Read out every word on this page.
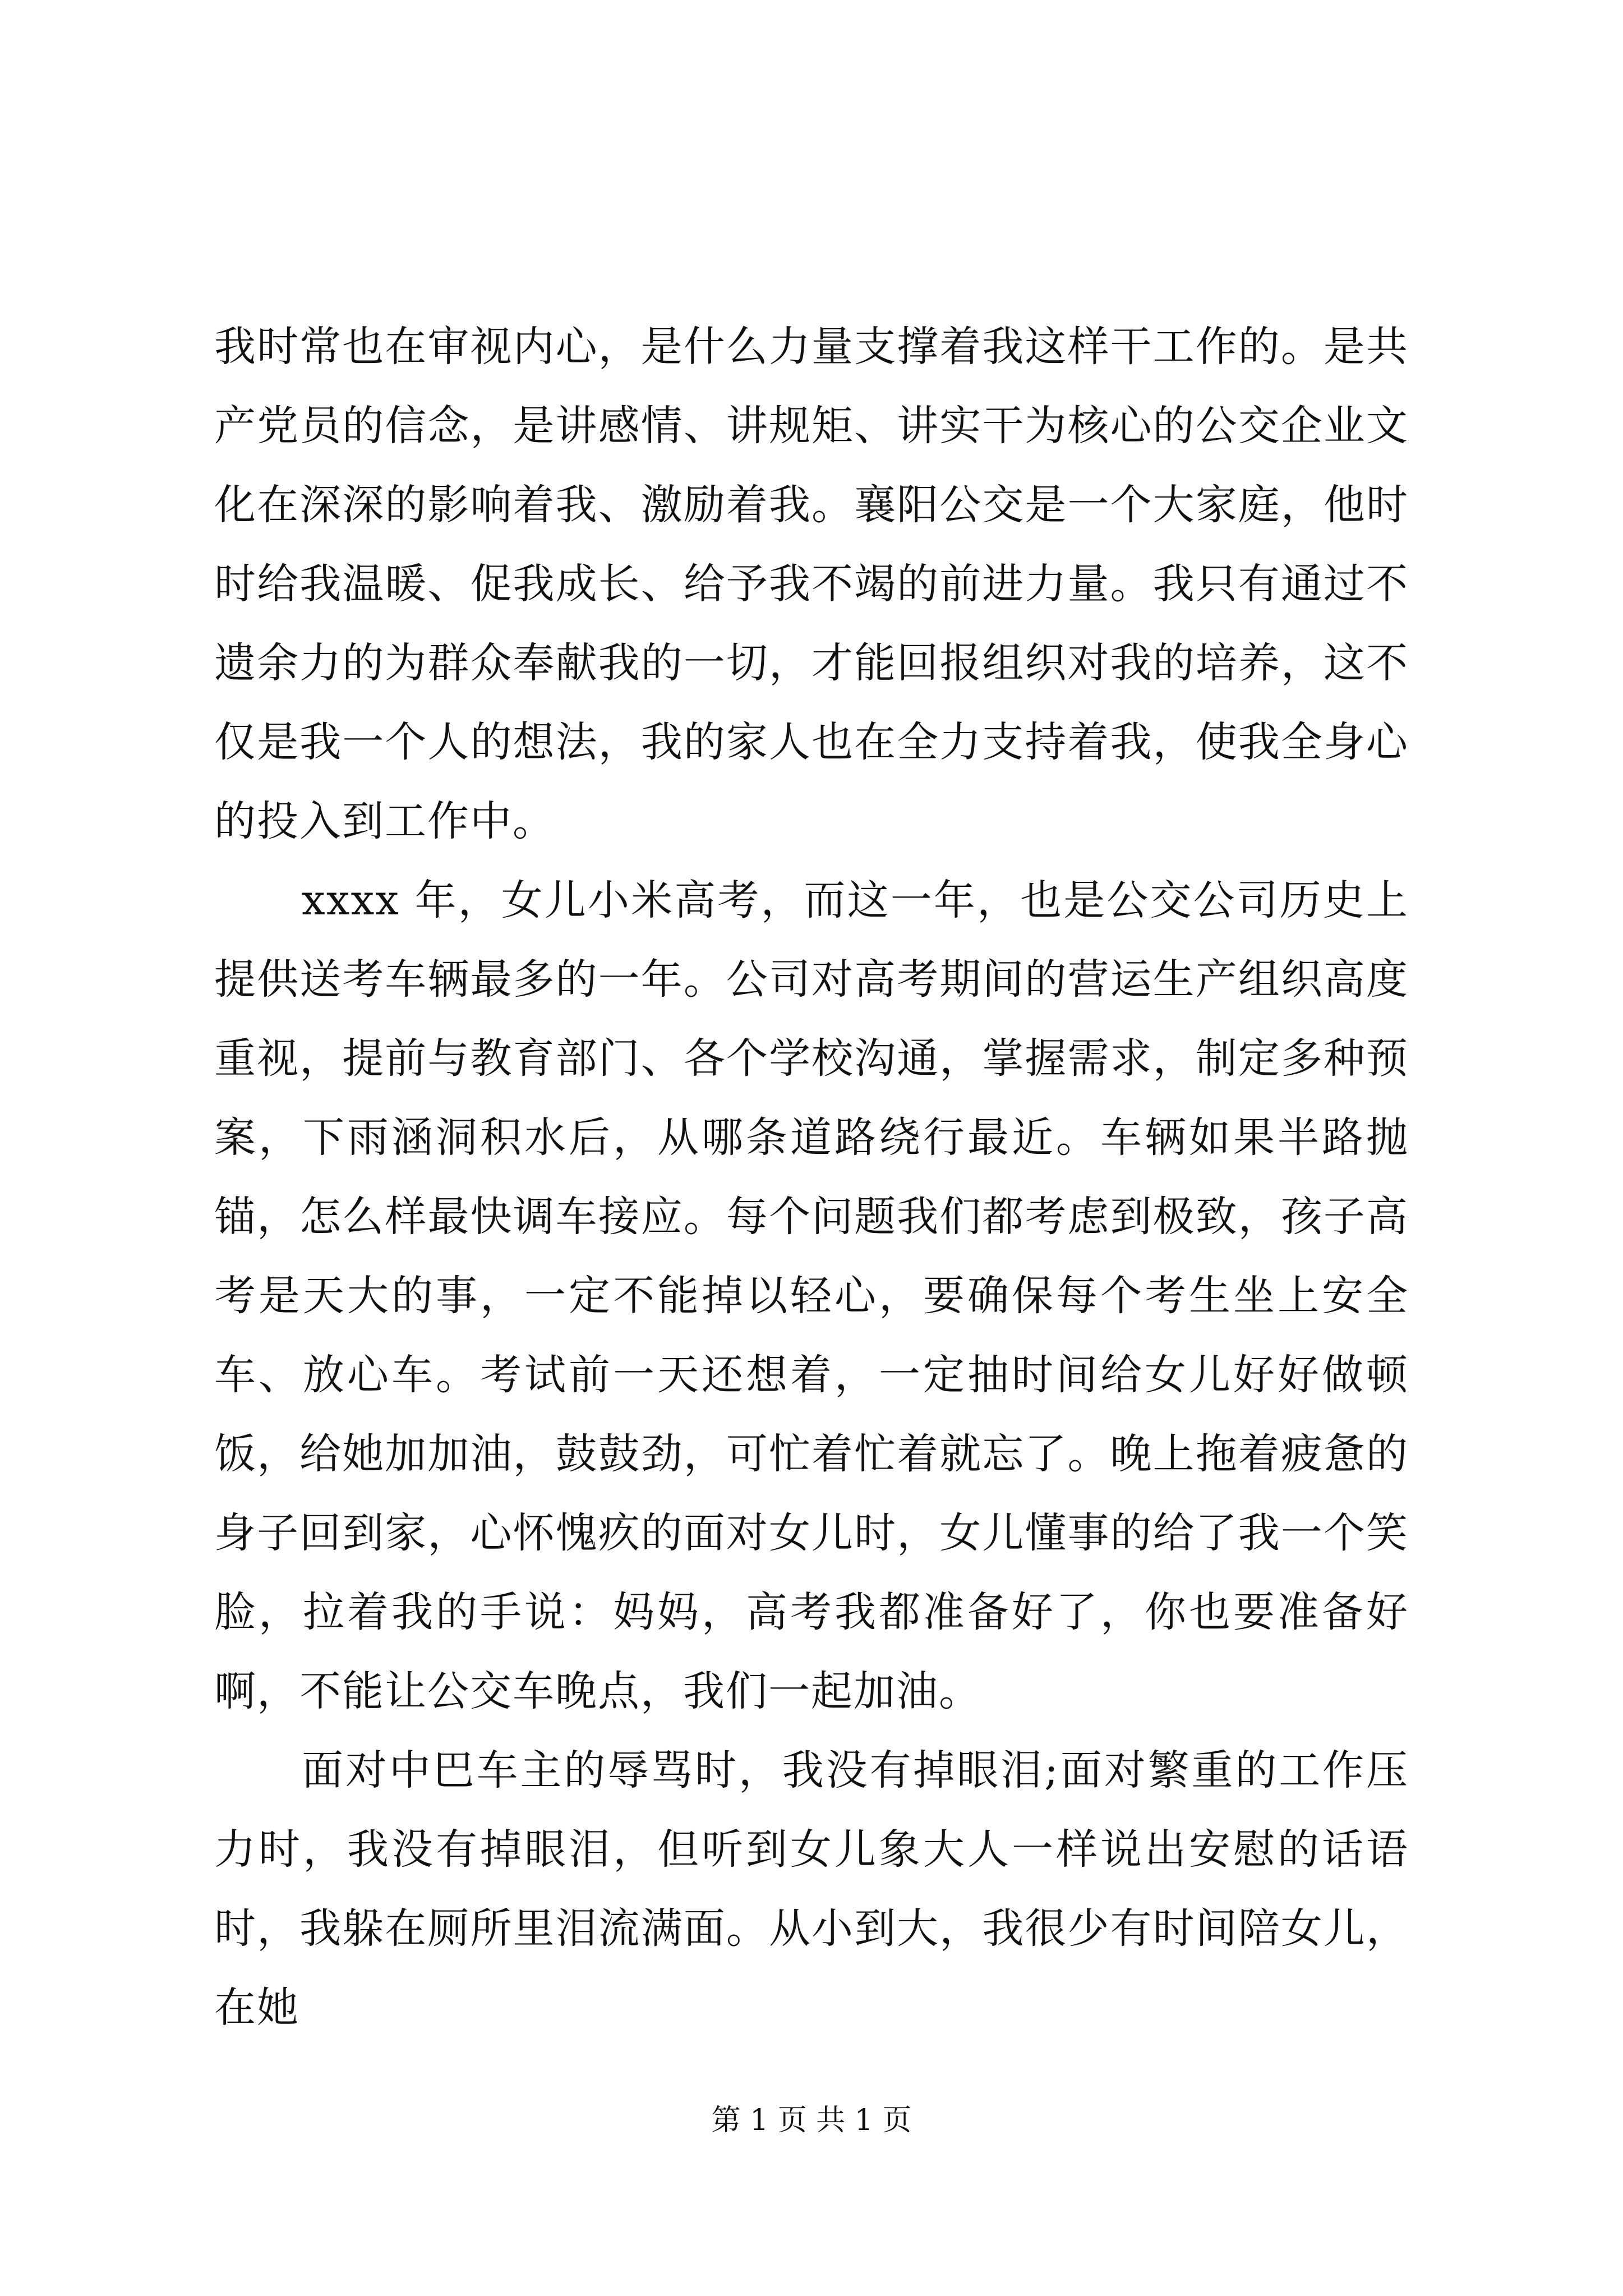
我时常也在审视内心，是什么力量支撑着我这样干工作的。是共产党员的信念，是讲感情、讲规矩、讲实干为核心的公交企业文化在深深的影响着我、激励着我。襄阳公交是一个大家庭，他时时给我温暖、促我成长、给予我不竭的前进力量。我只有通过不遗余力的为群众奉献我的一切，才能回报组织对我的培养，这不仅是我一个人的想法，我的家人也在全力支持着我，使我全身心的投入到工作中。

xxxx 年，女儿小米高考，而这一年，也是公交公司历史上提供送考车辆最多的一年。公司对高考期间的营运生产组织高度重视，提前与教育部门、各个学校沟通，掌握需求，制定多种预案，下雨涵洞积水后，从哪条道路绕行最近。车辆如果半路抛锚，怎么样最快调车接应。每个问题我们都考虑到极致，孩子高考是天大的事，一定不能掉以轻心，要确保每个考生坐上安全车、放心车。考试前一天还想着，一定抽时间给女儿好好做顿饭，给她加加油，鼓鼓劲，可忙着忙着就忘了。晚上拖着疲惫的身子回到家，心怀愧疚的面对女儿时，女儿懂事的给了我一个笑脸，拉着我的手说：妈妈，高考我都准备好了，你也要准备好啊，不能让公交车晚点，我们一起加油。

面对中巴车主的辱骂时，我没有掉眼泪;面对繁重的工作压力时，我没有掉眼泪，但听到女儿象大人一样说出安慰的话语时，我躲在厕所里泪流满面。从小到大，我很少有时间陪女儿，在她

第 1 页 共 1 页
